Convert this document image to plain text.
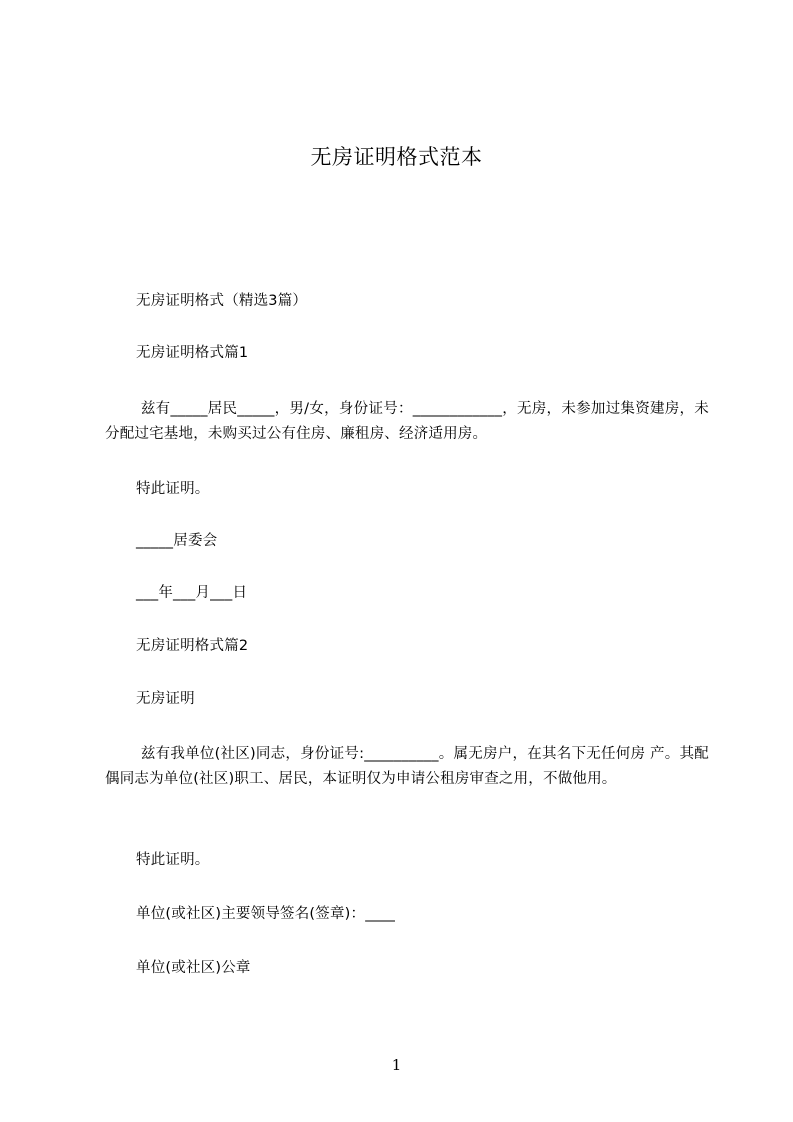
无房证明格式范本
无房证明格式（精选3篇）
无房证明格式篇1
兹有_____居民_____，男/女，身份证号：____________，无房，未参加过集资建房，未分配过宅基地，未购买过公有住房、廉租房、经济适用房。
特此证明。
_____居委会
___年___月___日
无房证明格式篇2
无房证明
兹有我单位(社区)同志，身份证号:__________。属无房户，在其名下无任何房 产。其配偶同志为单位(社区)职工、居民，本证明仅为申请公租房审查之用，不做他用。
特此证明。
单位(或社区)主要领导签名(签章)：____
单位(或社区)公章
1
